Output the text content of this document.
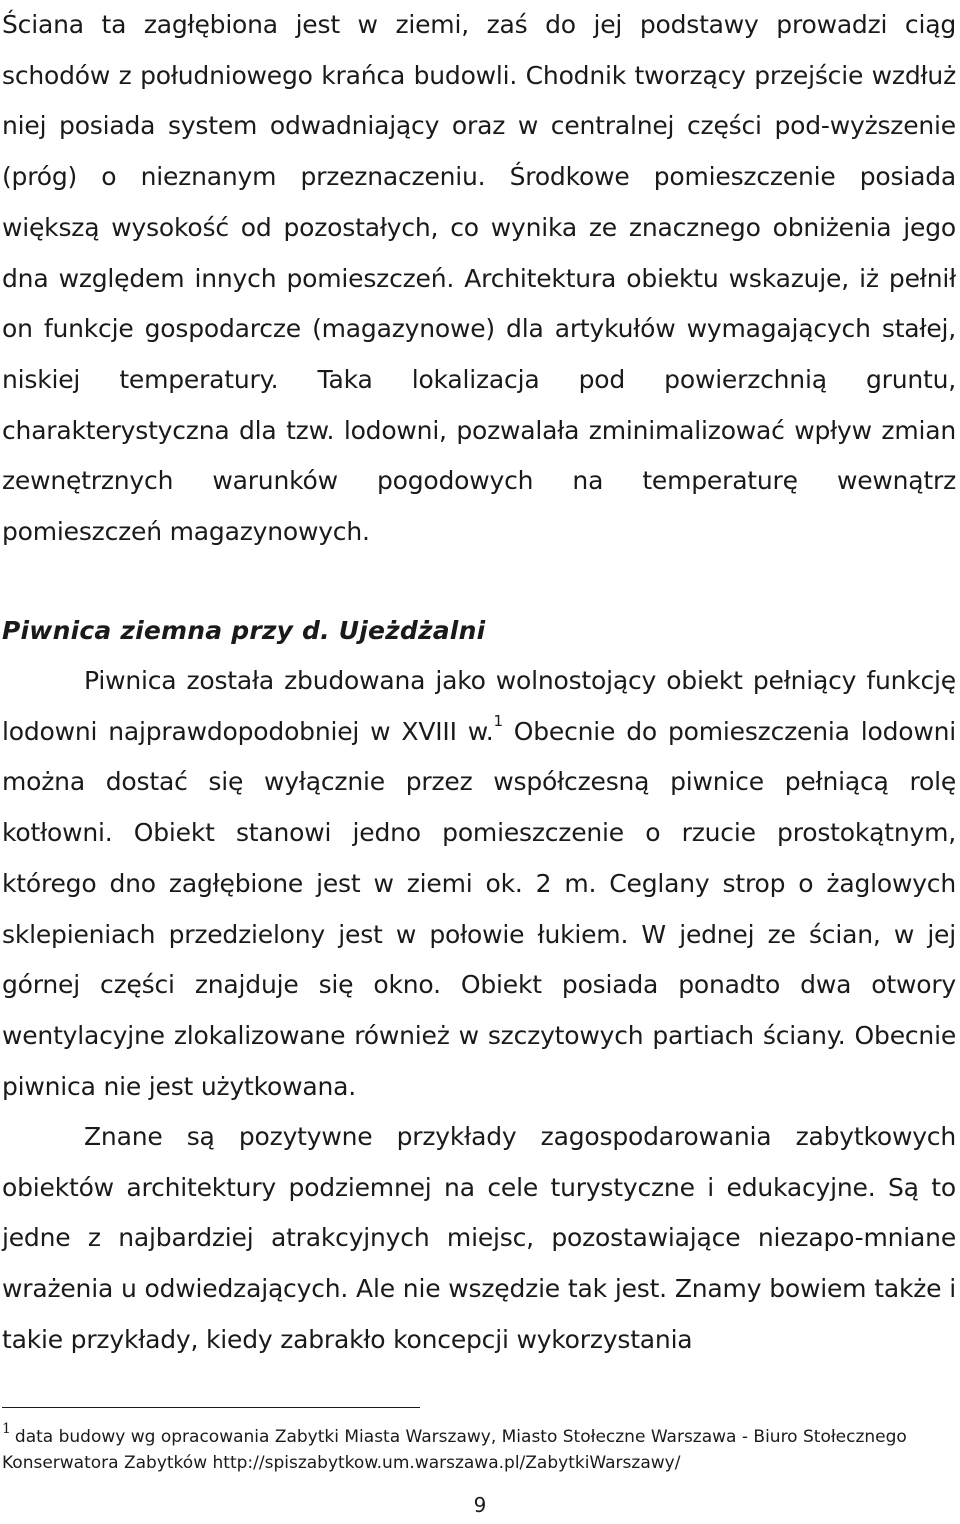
Ściana ta zagłębiona jest w ziemi, zaś do jej podstawy prowadzi ciąg schodów z południowego krańca budowli. Chodnik tworzący przejście wzdłuż niej posiada system odwadniający oraz w centralnej części pod-wyższenie (próg) o nieznanym przeznaczeniu. Środkowe pomieszczenie posiada większą wysokość od pozostałych, co wynika ze znacznego obniżenia jego dna względem innych pomieszczeń. Architektura obiektu wskazuje, iż pełnił on funkcje gospodarcze (magazynowe) dla artykułów wymagających stałej, niskiej temperatury. Taka lokalizacja pod powierzchnią gruntu, charakterystyczna dla tzw. lodowni, pozwalała zminimalizować wpływ zmian zewnętrznych warunków pogodowych na temperaturę wewnątrz pomieszczeń magazynowych.

Piwnica ziemna przy d. Ujeżdżalni

Piwnica została zbudowana jako wolnostojący obiekt pełniący funkcję lodowni najprawdopodobniej w XVIII w.$^1$ Obecnie do pomieszczenia lodowni można dostać się wyłącznie przez współczesną piwnice pełniącą rolę kotłowni. Obiekt stanowi jedno pomieszczenie o rzucie prostokątnym, którego dno zagłębione jest w ziemi ok. 2 m. Ceglany strop o żaglowych sklepieniach przedzielony jest w połowie łukiem. W jednej ze ścian, w jej górnej części znajduje się okno. Obiekt posiada ponadto dwa otwory wentylacyjne zlokalizowane również w szczytowych partiach ściany. Obecnie piwnica nie jest użytkowana.

Znane są pozytywne przykłady zagospodarowania zabytkowych obiektów architektury podziemnej na cele turystyczne i edukacyjne. Są to jedne z najbardziej atrakcyjnych miejsc, pozostawiające niezapo-mniane wrażenia u odwiedzających. Ale nie wszędzie tak jest. Znamy bowiem także i takie przykłady, kiedy zabrakło koncepcji wykorzystania

$^1$ data budowy wg opracowania Zabytki Miasta Warszawy, Miasto Stołeczne Warszawa - Biuro Stołecznego Konserwatora Zabytków http://spiszabytkow.um.warszawa.pl/ZabytkiWarszawy/

9
